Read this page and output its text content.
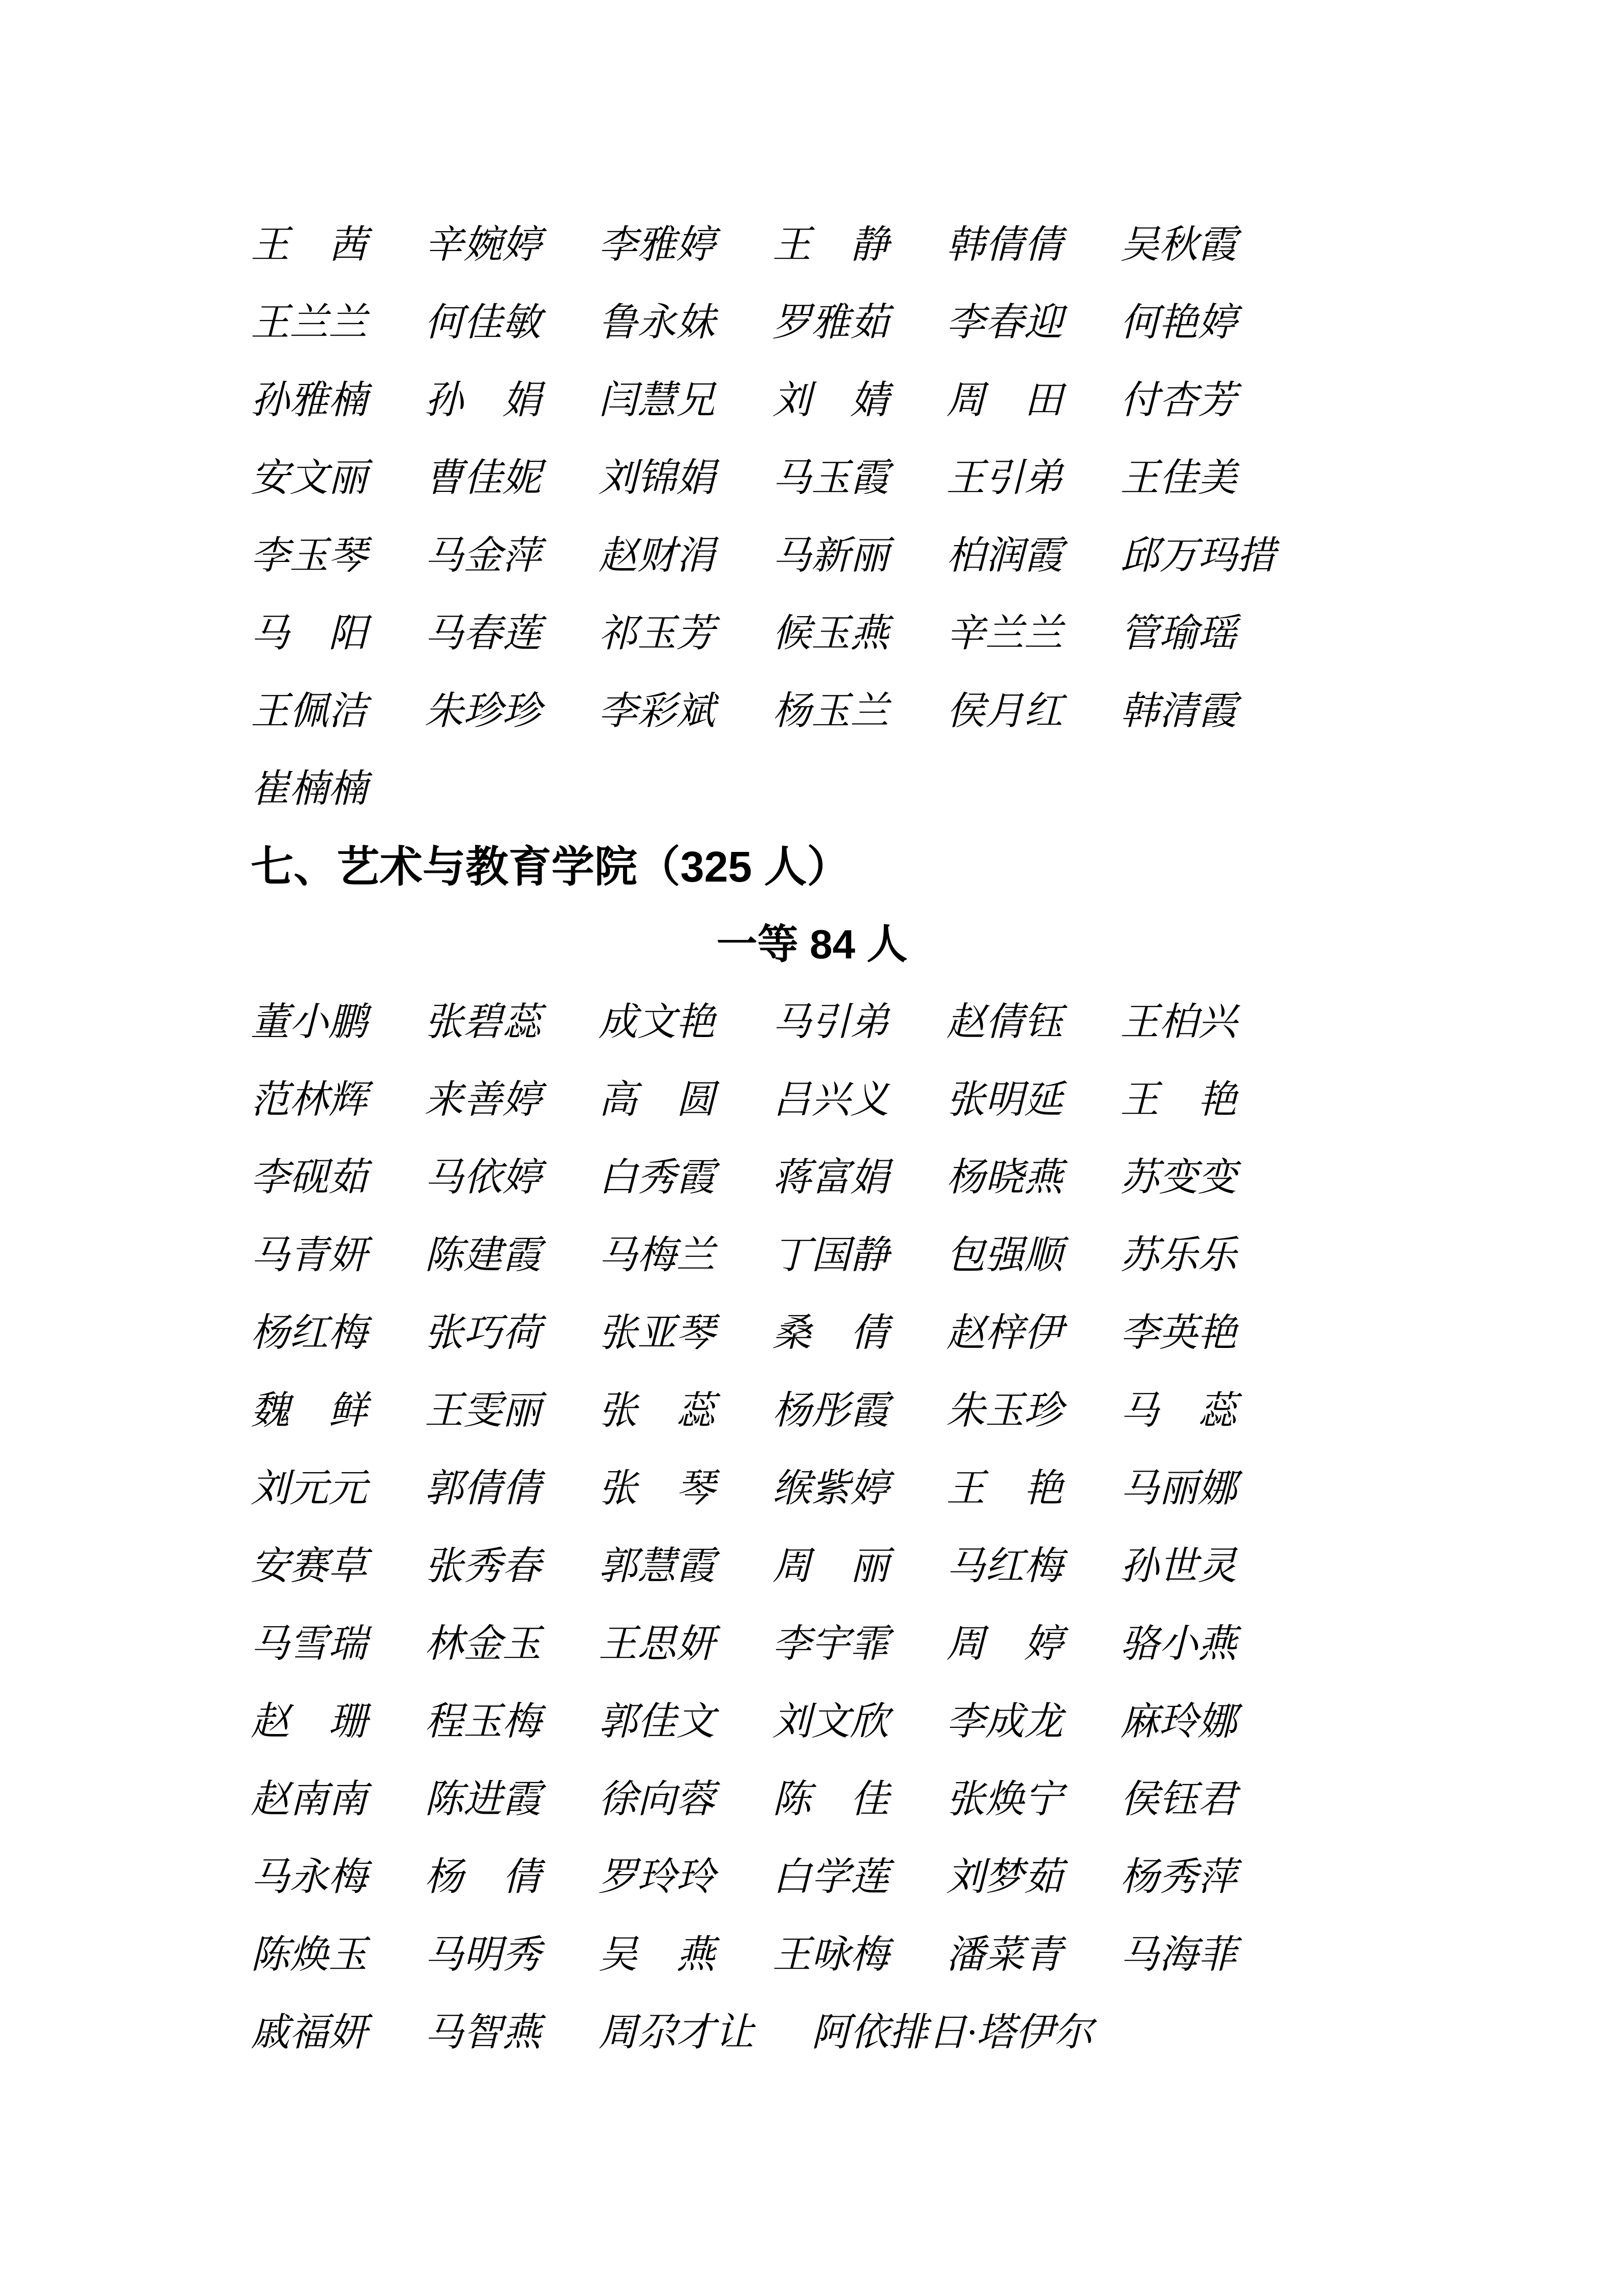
王　茜 辛婉婷 李雅婷 王　静 韩倩倩 吴秋霞
王兰兰 何佳敏 鲁永妹 罗雅茹 李春迎 何艳婷
孙雅楠 孙　娟 闫慧兄 刘　婧 周　田 付杏芳
安文丽 曹佳妮 刘锦娟 马玉霞 王引弟 王佳美
李玉琴 马金萍 赵财涓 马新丽 柏润霞 邱万玛措
马　阳 马春莲 祁玉芳 候玉燕 辛兰兰 管瑜瑶
王佩洁 朱珍珍 李彩斌 杨玉兰 侯月红 韩清霞
崔楠楠
七、艺术与教育学院（325 人）
一等 84 人
董小鹏 张碧蕊 成文艳 马引弟 赵倩钰 王柏兴
范林辉 来善婷 高　圆 吕兴义 张明延 王　艳
李砚茹 马依婷 白秀霞 蒋富娟 杨晓燕 苏变变
马青妍 陈建霞 马梅兰 丁国静 包强顺 苏乐乐
杨红梅 张巧荷 张亚琴 桑　倩 赵梓伊 李英艳
魏　鲜 王雯丽 张　蕊 杨彤霞 朱玉珍 马　蕊
刘元元 郭倩倩 张　琴 缑紫婷 王　艳 马丽娜
安赛草 张秀春 郭慧霞 周　丽 马红梅 孙世灵
马雪瑞 林金玉 王思妍 李宇霏 周　婷 骆小燕
赵　珊 程玉梅 郭佳文 刘文欣 李成龙 麻玲娜
赵南南 陈进霞 徐向蓉 陈　佳 张焕宁 侯钰君
马永梅 杨　倩 罗玲玲 白学莲 刘梦茹 杨秀萍
陈焕玉 马明秀 吴　燕 王咏梅 潘菜青 马海菲
戚福妍 马智燕 周尕才让 阿依排日·塔伊尔
